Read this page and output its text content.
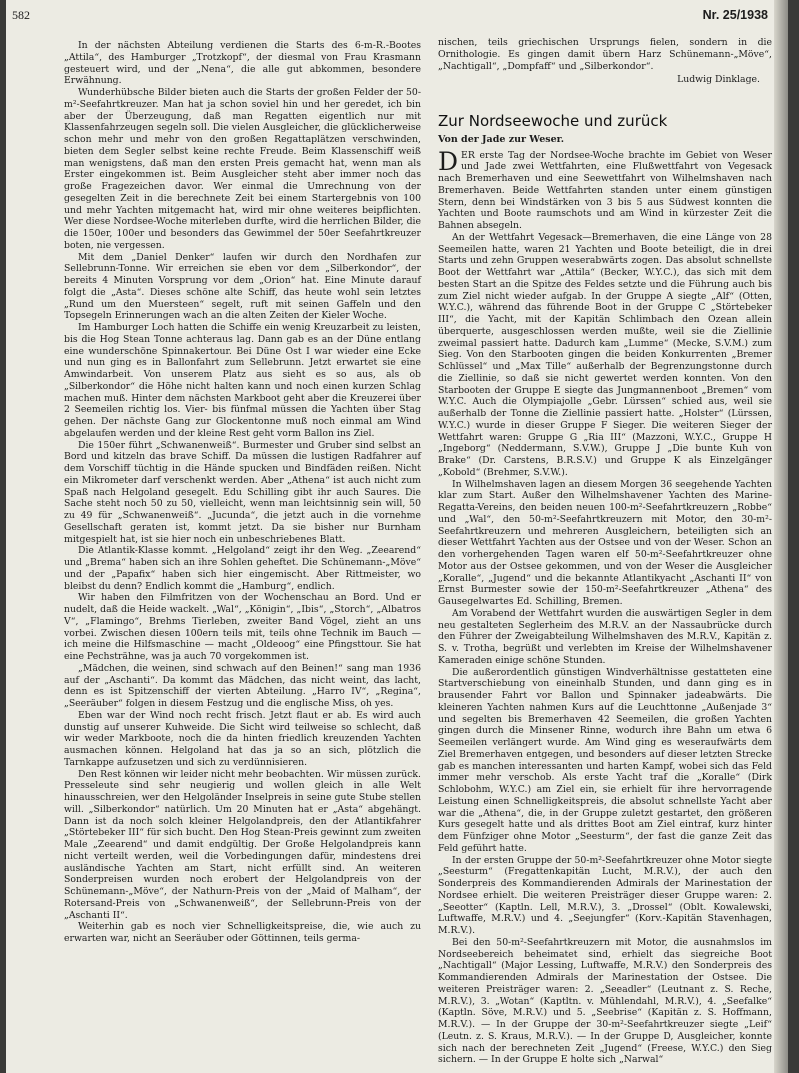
582	Nr. 25/1938

In der nächsten Abteilung verdienen die Starts des 6-m-R.-Bootes „Attila“, des Hamburger „Trotzkopf“, der diesmal von Frau Krasmann gesteuert wird, und der „Nena“, die alle gut abkommen, besondere Erwähnung.

Wunderhübsche Bilder bieten auch die Starts der großen Felder der 50-m²-Seefahrtkreuzer. Man hat ja schon soviel hin und her geredet, ich bin aber der Überzeugung, daß man Regatten eigentlich nur mit Klassenfahrzeugen segeln soll. Die vielen Ausgleicher, die glücklicherweise schon mehr und mehr von den großen Regattaplätzen verschwinden, bieten dem Segler selbst keine rechte Freude. Beim Klassenschiff weiß man wenigstens, daß man den ersten Preis gemacht hat, wenn man als Erster eingekommen ist. Beim Ausgleicher steht aber immer noch das große Fragezeichen davor. Wer einmal die Umrechnung von der gesegelten Zeit in die berechnete Zeit bei einem Startergebnis von 100 und mehr Yachten mitgemacht hat, wird mir ohne weiteres beipflichten. Wer diese Nordsee-Woche miterleben durfte, wird die herrlichen Bilder, die die 150er, 100er und besonders das Gewimmel der 50er Seefahrtkreuzer boten, nie vergessen.

Mit dem „Daniel Denker“ laufen wir durch den Nordhafen zur Sellebrunn-Tonne. Wir erreichen sie eben vor dem „Silberkondor“, der bereits 4 Minuten Vorsprung vor dem „Orion“ hat. Eine Minute darauf folgt die „Asta“. Dieses schöne alte Schiff, das heute wohl sein letztes „Rund um den Muersteen“ segelt, ruft mit seinen Gaffeln und den Topsegeln Erinnerungen wach an die alten Zeiten der Kieler Woche.

Im Hamburger Loch hatten die Schiffe ein wenig Kreuzarbeit zu leisten, bis die Hog Stean Tonne achteraus lag. Dann gab es an der Düne entlang eine wunderschöne Spinnakertour. Bei Düne Ost I war wieder eine Ecke und nun ging es in Ballonfahrt zum Sellebrunn. Jetzt erwartet sie eine Amwindarbeit. Von unserem Platz aus sieht es so aus, als ob „Silberkondor“ die Höhe nicht halten kann und noch einen kurzen Schlag machen muß. Hinter dem nächsten Markboot geht aber die Kreuzerei über 2 Seemeilen richtig los. Vier- bis fünfmal müssen die Yachten über Stag gehen. Der nächste Gang zur Glockentonne muß noch einmal am Wind abgelaufen werden und der kleine Rest geht vorm Ballon ins Ziel.

Die 150er führt „Schwanenweiß“. Burmester und Gruber sind selbst an Bord und kitzeln das brave Schiff. Da müssen die lustigen Radfahrer auf dem Vorschiff tüchtig in die Hände spucken und Bindfäden reißen. Nicht ein Mikrometer darf verschenkt werden. Aber „Athena“ ist auch nicht zum Spaß nach Helgoland gesegelt. Edu Schilling gibt ihr auch Saures. Die Sache steht noch 50 zu 50, vielleicht, wenn man leichtsinnig sein will, 50 zu 49 für „Schwanenweiß“. „Jucunda“, die jetzt auch in die vornehme Gesellschaft geraten ist, kommt jetzt. Da sie bisher nur Burnham mitgespielt hat, ist sie hier noch ein unbeschriebenes Blatt.

Die Atlantik-Klasse kommt. „Helgoland“ zeigt ihr den Weg. „Zeearend“ und „Brema“ haben sich an ihre Sohlen geheftet. Die Schünemann-„Möve“ und der „Papafix“ haben sich hier eingemischt. Aber Rittmeister, wo bleibst du denn? Endlich kommt die „Hamburg“, endlich.

Wir haben den Filmfritzen von der Wochenschau an Bord. Und er nudelt, daß die Heide wackelt. „Wal“, „Königin“, „Ibis“, „Storch“, „Albatros V“, „Flamingo“, Brehms Tierleben, zweiter Band Vögel, zieht an uns vorbei. Zwischen diesen 100ern teils mit, teils ohne Technik im Bauch — ich meine die Hilfsmaschine — macht „Oldeoog“ eine Pfingsttour. Sie hat eine Pechsträhne, was ja auch 70 vorgekommen ist.

„Mädchen, die weinen, sind schwach auf den Beinen!“ sang man 1936 auf der „Aschanti“. Da kommt das Mädchen, das nicht weint, das lacht, denn es ist Spitzenschiff der vierten Abteilung. „Harro IV“, „Regina“, „Seeräuber“ folgen in diesem Festzug und die englische Miss, oh yes.

Eben war der Wind noch recht frisch. Jetzt flaut er ab. Es wird auch dunstig auf unserer Kuhweide. Die Sicht wird teilweise so schlecht, daß wir weder Markboote, noch die da hinten friedlich kreuzenden Yachten ausmachen können. Helgoland hat das ja so an sich, plötzlich die Tarnkappe aufzusetzen und sich zu verdünnisieren.

Den Rest können wir leider nicht mehr beobachten. Wir müssen zurück. Presseleute sind sehr neugierig und wollen gleich in alle Welt hinausschreien, wer den Helgoländer Inselpreis in seine gute Stube stellen will. „Silberkondor“ natürlich. Um 20 Minuten hat er „Asta“ abgehängt. Dann ist da noch solch kleiner Helgolandpreis, den der Atlantikfahrer „Störtebeker III“ für sich bucht. Den Hog Stean-Preis gewinnt zum zweiten Male „Zeearend“ und damit endgültig. Der Große Helgolandpreis kann nicht verteilt werden, weil die Vorbedingungen dafür, mindestens drei ausländische Yachten am Start, nicht erfüllt sind. An weiteren Sonderpreisen wurden noch erobert der Helgolandpreis von der Schünemann-„Möve“, der Nathurn-Preis von der „Maid of Malham“, der Rotersand-Preis von „Schwanenweiß“, der Sellebrunn-Preis von der „Aschanti II“.

Weiterhin gab es noch vier Schnelligkeitspreise, die, wie auch zu erwarten war, nicht an Seeräuber oder Göttinnen, teils germa-

nischen, teils griechischen Ursprungs fielen, sondern in die Ornithologie. Es gingen damit übern Harz Schünemann-„Möve“, „Nachtigall“, „Dompfaff“ und „Silberkondor“.

Ludwig Dinklage.
Zur Nordseewoche und zurück
Von der Jade zur Weser.

DER erste Tag der Nordsee-Woche brachte im Gebiet von Weser und Jade zwei Wettfahrten, eine Flußwettfahrt von Vegesack nach Bremerhaven und eine Seewettfahrt von Wilhelmshaven nach Bremerhaven. Beide Wettfahrten standen unter einem günstigen Stern, denn bei Windstärken von 3 bis 5 aus Südwest konnten die Yachten und Boote raumschots und am Wind in kürzester Zeit die Bahnen absegeln.

An der Wettfahrt Vegesack—Bremerhaven, die eine Länge von 28 Seemeilen hatte, waren 21 Yachten und Boote beteiligt, die in drei Starts und zehn Gruppen weserabwärts zogen. Das absolut schnellste Boot der Wettfahrt war „Attila“ (Becker, W.Y.C.), das sich mit dem besten Start an die Spitze des Feldes setzte und die Führung auch bis zum Ziel nicht wieder aufgab. In der Gruppe A siegte „Alf“ (Otten, W.Y.C.), während das führende Boot in der Gruppe C „Störtebeker III“, die Yacht, mit der Kapitän Schlimbach den Ozean allein überquerte, ausgeschlossen werden mußte, weil sie die Ziellinie zweimal passiert hatte. Dadurch kam „Lumme“ (Mecke, S.V.M.) zum Sieg. Von den Starbooten gingen die beiden Konkurrenten „Bremer Schlüssel“ und „Max Tille“ außerhalb der Begrenzungstonne durch die Ziellinie, so daß sie nicht gewertet werden konnten. Von den Starbooten der Gruppe E siegte das Jungmannenboot „Bremen“ vom W.Y.C. Auch die Olympiajolle „Gebr. Lürssen“ schied aus, weil sie außerhalb der Tonne die Ziellinie passiert hatte. „Holster“ (Lürssen, W.Y.C.) wurde in dieser Gruppe F Sieger. Die weiteren Sieger der Wettfahrt waren: Gruppe G „Ria III“ (Mazzoni, W.Y.C., Gruppe H „Ingeborg“ (Neddermann, S.V.W.), Gruppe J „Die bunte Kuh von Brake“ (Dr. Carstens, B.R.S.V.) und Gruppe K als Einzelgänger „Kobold“ (Brehmer, S.V.W.).

In Wilhelmshaven lagen an diesem Morgen 36 seegehende Yachten klar zum Start. Außer den Wilhelmshavener Yachten des Marine-Regatta-Vereins, den beiden neuen 100-m²-Seefahrtkreuzern „Robbe“ und „Wal“, den 50-m²-Seefahrtkreuzern mit Motor, den 30-m²-Seefahrtkreuzern und mehreren Ausgleichern, beteiligten sich an dieser Wettfahrt Yachten aus der Ostsee und von der Weser. Schon an den vorhergehenden Tagen waren elf 50-m²-Seefahrtkreuzer ohne Motor aus der Ostsee gekommen, und von der Weser die Ausgleicher „Koralle“, „Jugend“ und die bekannte Atlantikyacht „Aschanti II“ von Ernst Burmester sowie der 150-m²-Seefahrtkreuzer „Athena“ des Gausegelwartes Ed. Schilling, Bremen.

Am Vorabend der Wettfahrt wurden die auswärtigen Segler in dem neu gestalteten Seglerheim des M.R.V. an der Nassaubrücke durch den Führer der Zweigabteilung Wilhelmshaven des M.R.V., Kapitän z. S. v. Trotha, begrüßt und verlebten im Kreise der Wilhelmshavener Kameraden einige schöne Stunden.

Die außerordentlich günstigen Windverhältnisse gestatteten eine Startverschiebung von eineinhalb Stunden, und dann ging es in brausender Fahrt vor Ballon und Spinnaker jadeabwärts. Die kleineren Yachten nahmen Kurs auf die Leuchttonne „Außenjade 3“ und segelten bis Bremerhaven 42 Seemeilen, die großen Yachten gingen durch die Minsener Rinne, wodurch ihre Bahn um etwa 6 Seemeilen verlängert wurde. Am Wind ging es weseraufwärts dem Ziel Bremerhaven entgegen, und besonders auf dieser letzten Strecke gab es manchen interessanten und harten Kampf, wobei sich das Feld immer mehr verschob. Als erste Yacht traf die „Koralle“ (Dirk Schlobohm, W.Y.C.) am Ziel ein, sie erhielt für ihre hervorragende Leistung einen Schnelligkeitspreis, die absolut schnellste Yacht aber war die „Athena“, die, in der Gruppe zuletzt gestartet, den größeren Kurs gesegelt hatte und als drittes Boot am Ziel eintraf, kurz hinter dem Fünfziger ohne Motor „Seesturm“, der fast die ganze Zeit das Feld geführt hatte.

In der ersten Gruppe der 50-m²-Seefahrtkreuzer ohne Motor siegte „Seesturm“ (Fregattenkapitän Lucht, M.R.V.), der auch den Sonderpreis des Kommandierenden Admirals der Marinestation der Nordsee erhielt. Die weiteren Preisträger dieser Gruppe waren: 2. „Seeotter“ (Kaptln. Lell, M.R.V.), 3. „Drossel“ (Oblt. Kowalewski, Luftwaffe, M.R.V.) und 4. „Seejungfer“ (Korv.-Kapitän Stavenhagen, M.R.V.).

Bei den 50-m²-Seefahrtkreuzern mit Motor, die ausnahmslos im Nordseebereich beheimatet sind, erhielt das siegreiche Boot „Nachtigall“ (Major Lessing, Luftwaffe, M.R.V.) den Sonderpreis des Kommandierenden Admirals der Marinestation der Ostsee. Die weiteren Preisträger waren: 2. „Seeadler“ (Leutnant z. S. Reche, M.R.V.), 3. „Wotan“ (Kaptltn. v. Mühlendahl, M.R.V.), 4. „Seefalke“ (Kaptln. Söve, M.R.V.) und 5. „Seebrise“ (Kapitän z. S. Hoffmann, M.R.V.). — In der Gruppe der 30-m²-Seefahrtkreuzer siegte „Leif“ (Leutn. z. S. Kraus, M.R.V.). — In der Gruppe D, Ausgleicher, konnte sich nach der berechneten Zeit „Jugend“ (Freese, W.Y.C.) den Sieg sichern. — In der Gruppe E holte sich „Narwal“
